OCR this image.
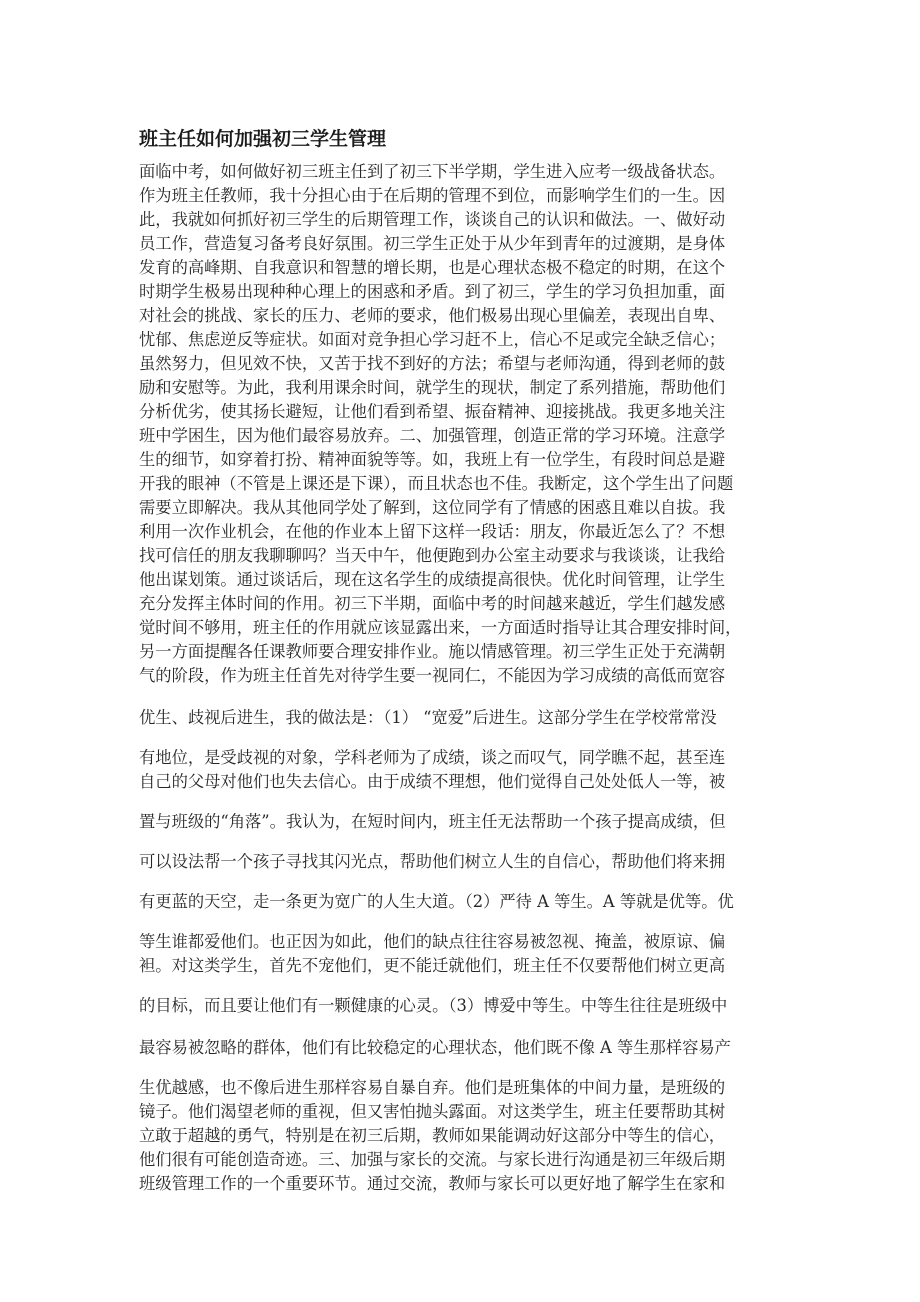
班主任如何加强初三学生管理
面临中考，如何做好初三班主任到了初三下半学期，学生进入应考一级战备状态。
作为班主任教师，我十分担心由于在后期的管理不到位，而影响学生们的一生。因
此，我就如何抓好初三学生的后期管理工作，谈谈自己的认识和做法。一、做好动
员工作，营造复习备考良好氛围。初三学生正处于从少年到青年的过渡期，是身体
发育的高峰期、自我意识和智慧的增长期，也是心理状态极不稳定的时期，在这个
时期学生极易出现种种心理上的困惑和矛盾。到了初三，学生的学习负担加重，面
对社会的挑战、家长的压力、老师的要求，他们极易出现心里偏差，表现出自卑、
忧郁、焦虑逆反等症状。如面对竞争担心学习赶不上，信心不足或完全缺乏信心；
虽然努力，但见效不快，又苦于找不到好的方法；希望与老师沟通，得到老师的鼓
励和安慰等。为此，我利用课余时间，就学生的现状，制定了系列措施，帮助他们
分析优劣，使其扬长避短，让他们看到希望、振奋精神、迎接挑战。我更多地关注
班中学困生，因为他们最容易放弃。二、加强管理，创造正常的学习环境。注意学
生的细节，如穿着打扮、精神面貌等等。如，我班上有一位学生，有段时间总是避
开我的眼神（不管是上课还是下课），而且状态也不佳。我断定，这个学生出了问题
需要立即解决。我从其他同学处了解到，这位同学有了情感的困惑且难以自拔。我
利用一次作业机会，在他的作业本上留下这样一段话：朋友，你最近怎么了？不想
找可信任的朋友我聊聊吗？当天中午，他便跑到办公室主动要求与我谈谈，让我给
他出谋划策。通过谈话后，现在这名学生的成绩提高很快。优化时间管理，让学生
充分发挥主体时间的作用。初三下半期，面临中考的时间越来越近，学生们越发感
觉时间不够用，班主任的作用就应该显露出来，一方面适时指导让其合理安排时间，
另一方面提醒各任课教师要合理安排作业。施以情感管理。初三学生正处于充满朝
气的阶段，作为班主任首先对待学生要一视同仁，不能因为学习成绩的高低而宽容
优生、歧视后进生，我的做法是：（1） “宽爱”后进生。这部分学生在学校常常没
有地位，是受歧视的对象，学科老师为了成绩，谈之而叹气，同学瞧不起，甚至连
自己的父母对他们也失去信心。由于成绩不理想，他们觉得自己处处低人一等，被
置与班级的“角落”。我认为，在短时间内，班主任无法帮助一个孩子提高成绩，但
可以设法帮一个孩子寻找其闪光点，帮助他们树立人生的自信心，帮助他们将来拥
有更蓝的天空，走一条更为宽广的人生大道。（2）严待 A 等生。A 等就是优等。优
等生谁都爱他们。也正因为如此，他们的缺点往往容易被忽视、掩盖，被原谅、偏
袒。对这类学生，首先不宠他们，更不能迁就他们，班主任不仅要帮他们树立更高
的目标，而且要让他们有一颗健康的心灵。（3）博爱中等生。中等生往往是班级中
最容易被忽略的群体，他们有比较稳定的心理状态，他们既不像 A 等生那样容易产
生优越感，也不像后进生那样容易自暴自弃。他们是班集体的中间力量，是班级的
镜子。他们渴望老师的重视，但又害怕抛头露面。对这类学生，班主任要帮助其树
立敢于超越的勇气，特别是在初三后期，教师如果能调动好这部分中等生的信心，
他们很有可能创造奇迹。三、加强与家长的交流。与家长进行沟通是初三年级后期
班级管理工作的一个重要环节。通过交流，教师与家长可以更好地了解学生在家和
